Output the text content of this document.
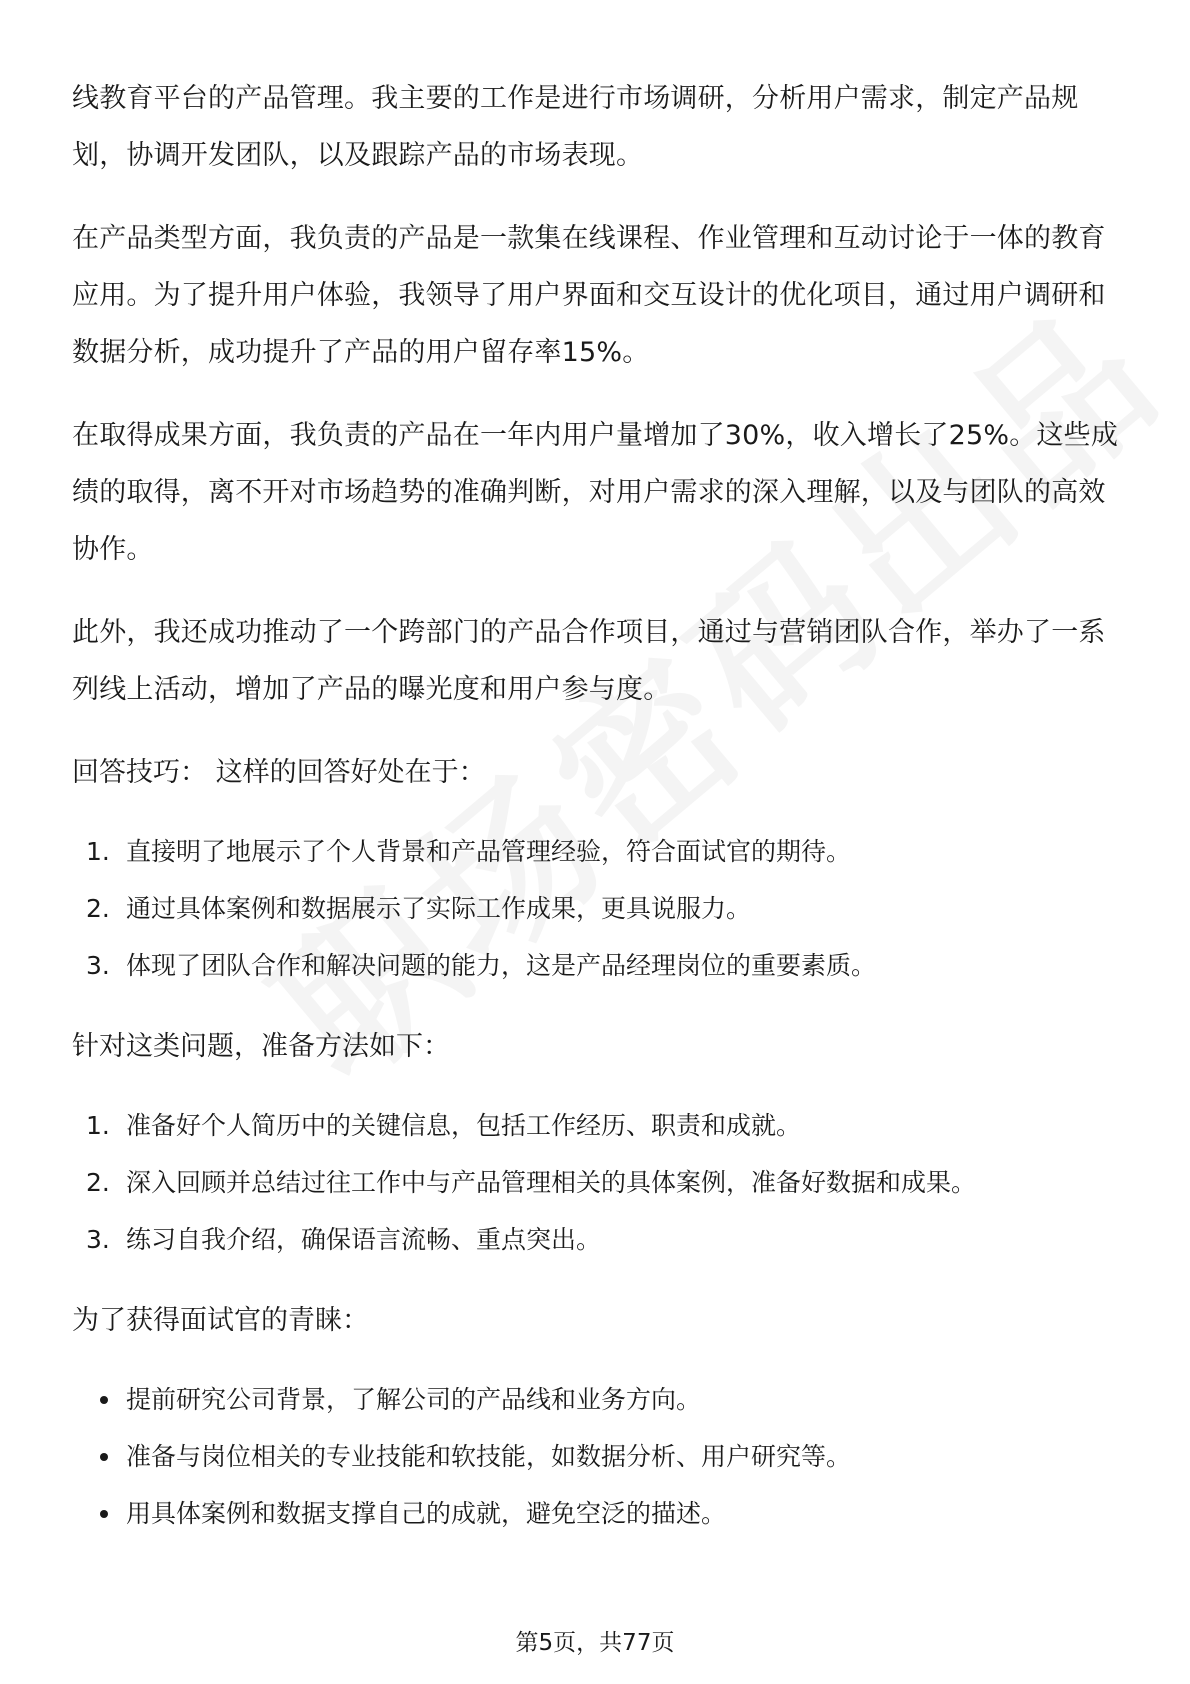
线教育平台的产品管理。我主要的工作是进行市场调研，分析用户需求，制定产品规划，协调开发团队，以及跟踪产品的市场表现。

在产品类型方面，我负责的产品是一款集在线课程、作业管理和互动讨论于一体的教育应用。为了提升用户体验，我领导了用户界面和交互设计的优化项目，通过用户调研和数据分析，成功提升了产品的用户留存率15%。

在取得成果方面，我负责的产品在一年内用户量增加了30%，收入增长了25%。这些成绩的取得，离不开对市场趋势的准确判断，对用户需求的深入理解，以及与团队的高效协作。

此外，我还成功推动了一个跨部门的产品合作项目，通过与营销团队合作，举办了一系列线上活动，增加了产品的曝光度和用户参与度。

回答技巧： 这样的回答好处在于：

1. 直接明了地展示了个人背景和产品管理经验，符合面试官的期待。
2. 通过具体案例和数据展示了实际工作成果，更具说服力。
3. 体现了团队合作和解决问题的能力，这是产品经理岗位的重要素质。

针对这类问题，准备方法如下：

1. 准备好个人简历中的关键信息，包括工作经历、职责和成就。
2. 深入回顾并总结过往工作中与产品管理相关的具体案例，准备好数据和成果。
3. 练习自我介绍，确保语言流畅、重点突出。

为了获得面试官的青睐：

提前研究公司背景，了解公司的产品线和业务方向。
准备与岗位相关的专业技能和软技能，如数据分析、用户研究等。
用具体案例和数据支撑自己的成就，避免空泛的描述。
第5页，共77页
